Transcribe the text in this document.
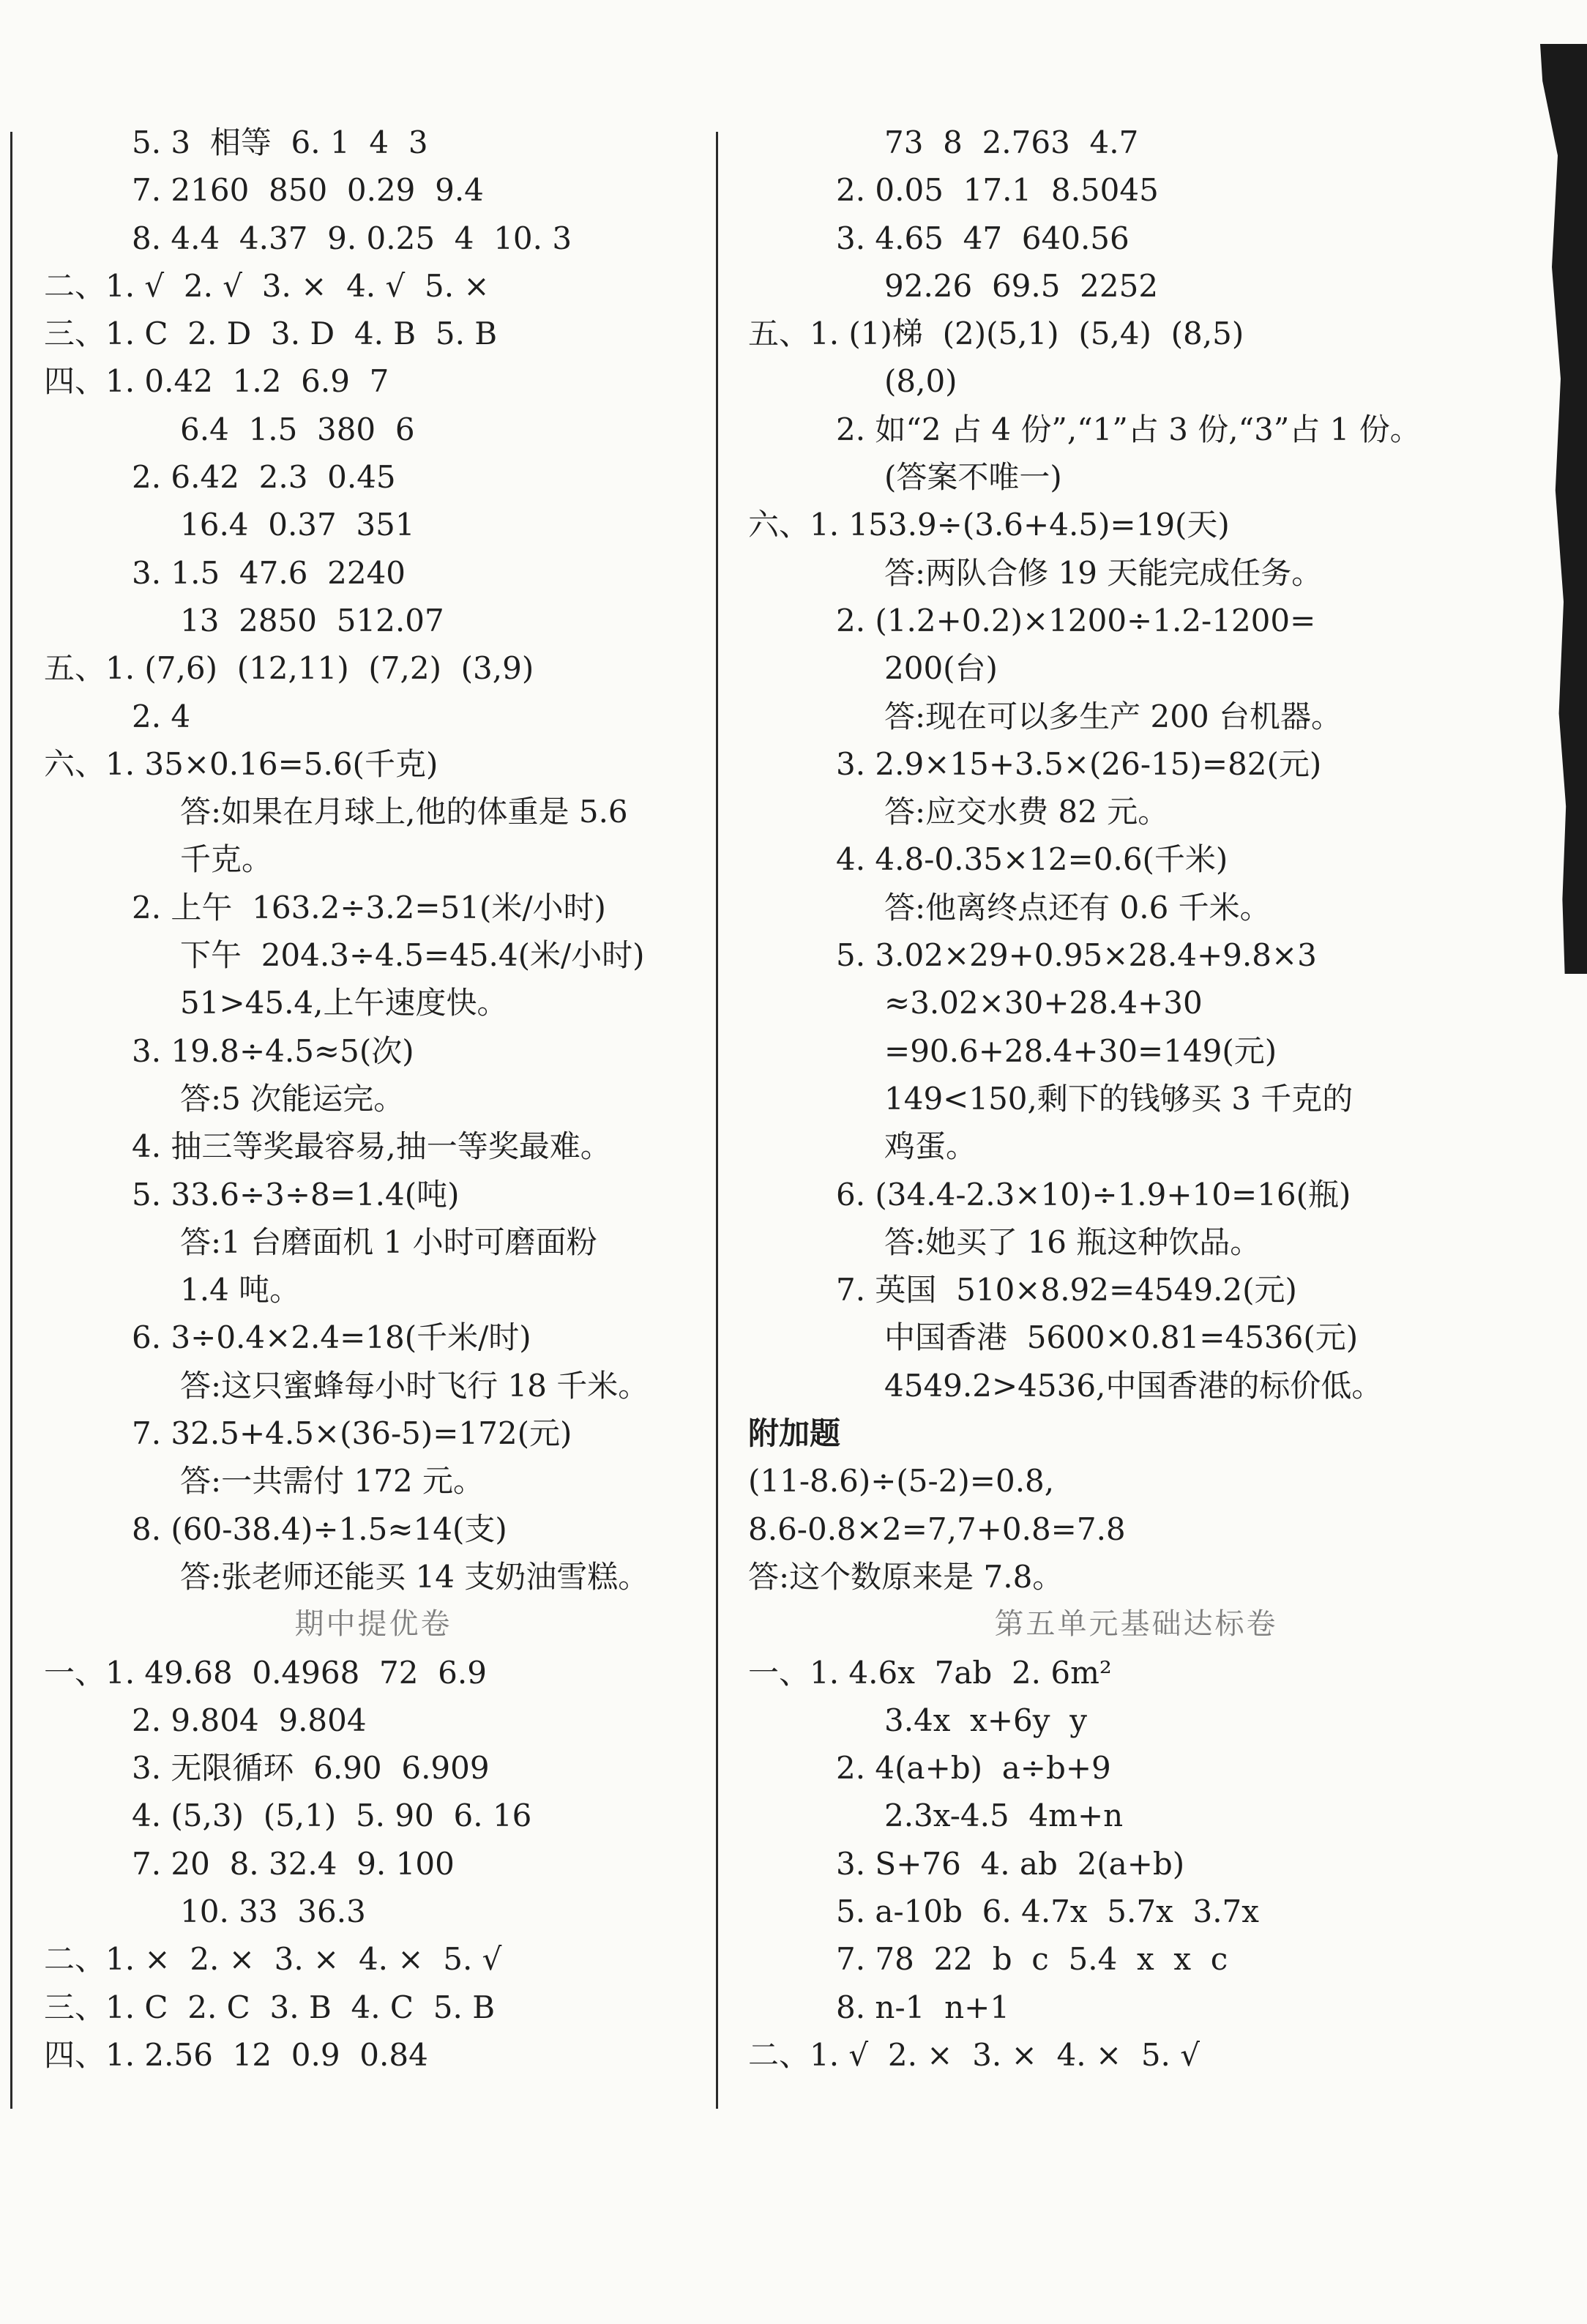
5. 3  相等  6. 1  4  3
7. 2160  850  0.29  9.4
8. 4.4  4.37  9. 0.25  4  10. 3
二、1. √  2. √  3. ×  4. √  5. ×
三、1. C  2. D  3. D  4. B  5. B
四、1. 0.42  1.2  6.9  7
6.4  1.5  380  6
2. 6.42  2.3  0.45
16.4  0.37  351
3. 1.5  47.6  2240
13  2850  512.07
五、1. (7,6)  (12,11)  (7,2)  (3,9)
2. 4
六、1. 35×0.16=5.6(千克)
答:如果在月球上,他的体重是 5.6
千克。
2. 上午  163.2÷3.2=51(米/小时)
下午  204.3÷4.5=45.4(米/小时)
51>45.4,上午速度快。
3. 19.8÷4.5≈5(次)
答:5 次能运完。
4. 抽三等奖最容易,抽一等奖最难。
5. 33.6÷3÷8=1.4(吨)
答:1 台磨面机 1 小时可磨面粉
1.4 吨。
6. 3÷0.4×2.4=18(千米/时)
答:这只蜜蜂每小时飞行 18 千米。
7. 32.5+4.5×(36-5)=172(元)
答:一共需付 172 元。
8. (60-38.4)÷1.5≈14(支)
答:张老师还能买 14 支奶油雪糕。
期中提优卷
一、1. 49.68  0.4968  72  6.9
2. 9.804  9.804
3. 无限循环  6.90  6.909
4. (5,3)  (5,1)  5. 90  6. 16
7. 20  8. 32.4  9. 100
10. 33  36.3
二、1. ×  2. ×  3. ×  4. ×  5. √
三、1. C  2. C  3. B  4. C  5. B
四、1. 2.56  12  0.9  0.84
73  8  2.763  4.7
2. 0.05  17.1  8.5045
3. 4.65  47  640.56
92.26  69.5  2252
五、1. (1)梯  (2)(5,1)  (5,4)  (8,5)
(8,0)
2. 如“2 占 4 份”,“1”占 3 份,“3”占 1 份。
(答案不唯一)
六、1. 153.9÷(3.6+4.5)=19(天)
答:两队合修 19 天能完成任务。
2. (1.2+0.2)×1200÷1.2-1200=
200(台)
答:现在可以多生产 200 台机器。
3. 2.9×15+3.5×(26-15)=82(元)
答:应交水费 82 元。
4. 4.8-0.35×12=0.6(千米)
答:他离终点还有 0.6 千米。
5. 3.02×29+0.95×28.4+9.8×3
≈3.02×30+28.4+30
=90.6+28.4+30=149(元)
149<150,剩下的钱够买 3 千克的
鸡蛋。
6. (34.4-2.3×10)÷1.9+10=16(瓶)
答:她买了 16 瓶这种饮品。
7. 英国  510×8.92=4549.2(元)
中国香港  5600×0.81=4536(元)
4549.2>4536,中国香港的标价低。
附加题
(11-8.6)÷(5-2)=0.8,
8.6-0.8×2=7,7+0.8=7.8
答:这个数原来是 7.8。
第五单元基础达标卷
一、1. 4.6x  7ab  2. 6m²
3.4x  x+6y  y
2. 4(a+b)  a÷b+9
2.3x-4.5  4m+n
3. S+76  4. ab  2(a+b)
5. a-10b  6. 4.7x  5.7x  3.7x
7. 78  22  b  c  5.4  x  x  c
8. n-1  n+1
二、1. √  2. ×  3. ×  4. ×  5. √
